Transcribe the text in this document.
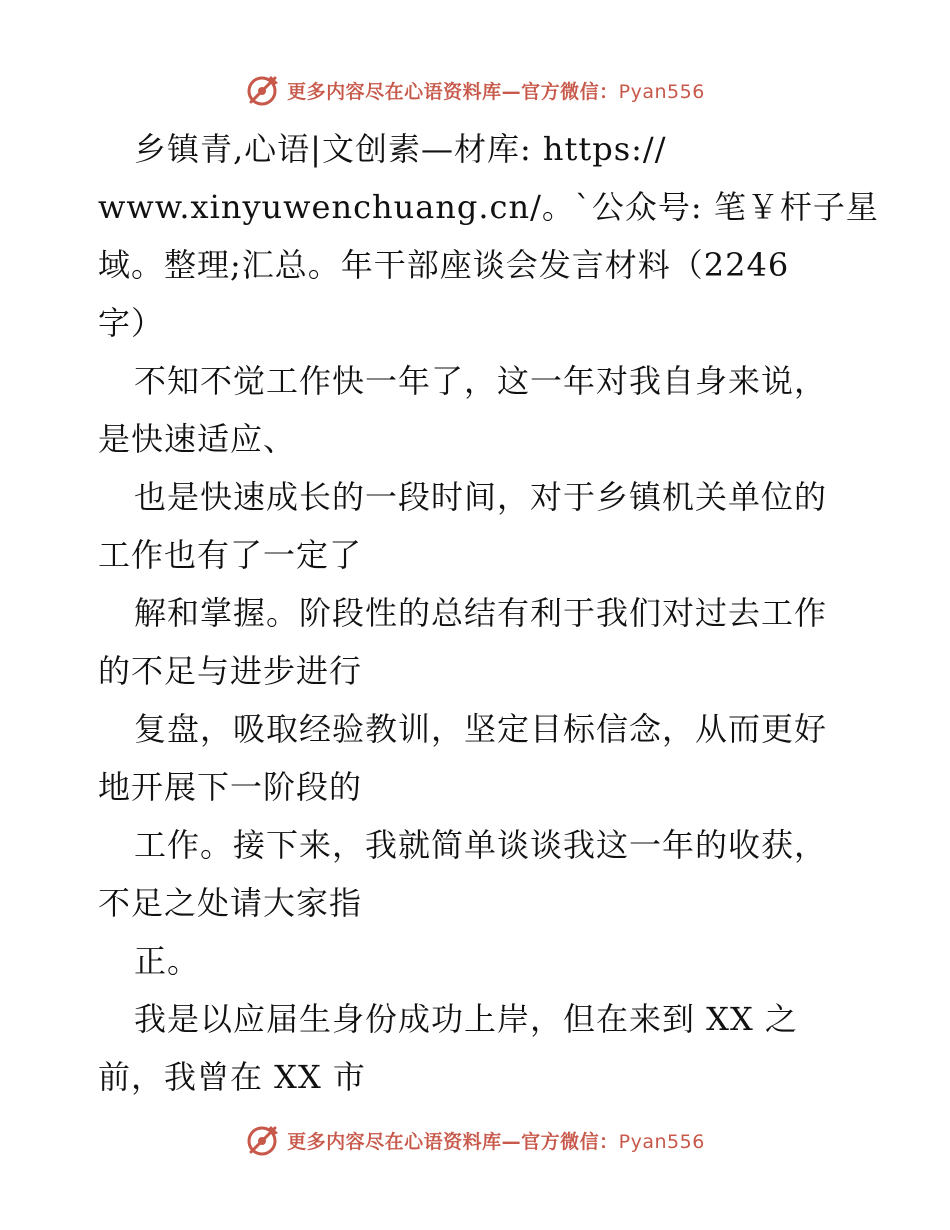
更多内容尽在心语资料库—官方微信：Pyan556
乡镇青,心语|文创素—材库: https://
www.xinyuwenchuang.cn/。`公众号: 笔￥杆子星
域。整理;汇总。年干部座谈会发言材料（2246
字）
不知不觉工作快一年了，这一年对我自身来说，
是快速适应、
也是快速成长的一段时间，对于乡镇机关单位的
工作也有了一定了
解和掌握。阶段性的总结有利于我们对过去工作
的不足与进步进行
复盘，吸取经验教训，坚定目标信念，从而更好
地开展下一阶段的
工作。接下来，我就简单谈谈我这一年的收获，
不足之处请大家指
正。
我是以应届生身份成功上岸，但在来到 XX 之
前，我曾在 XX 市
更多内容尽在心语资料库—官方微信：Pyan556
